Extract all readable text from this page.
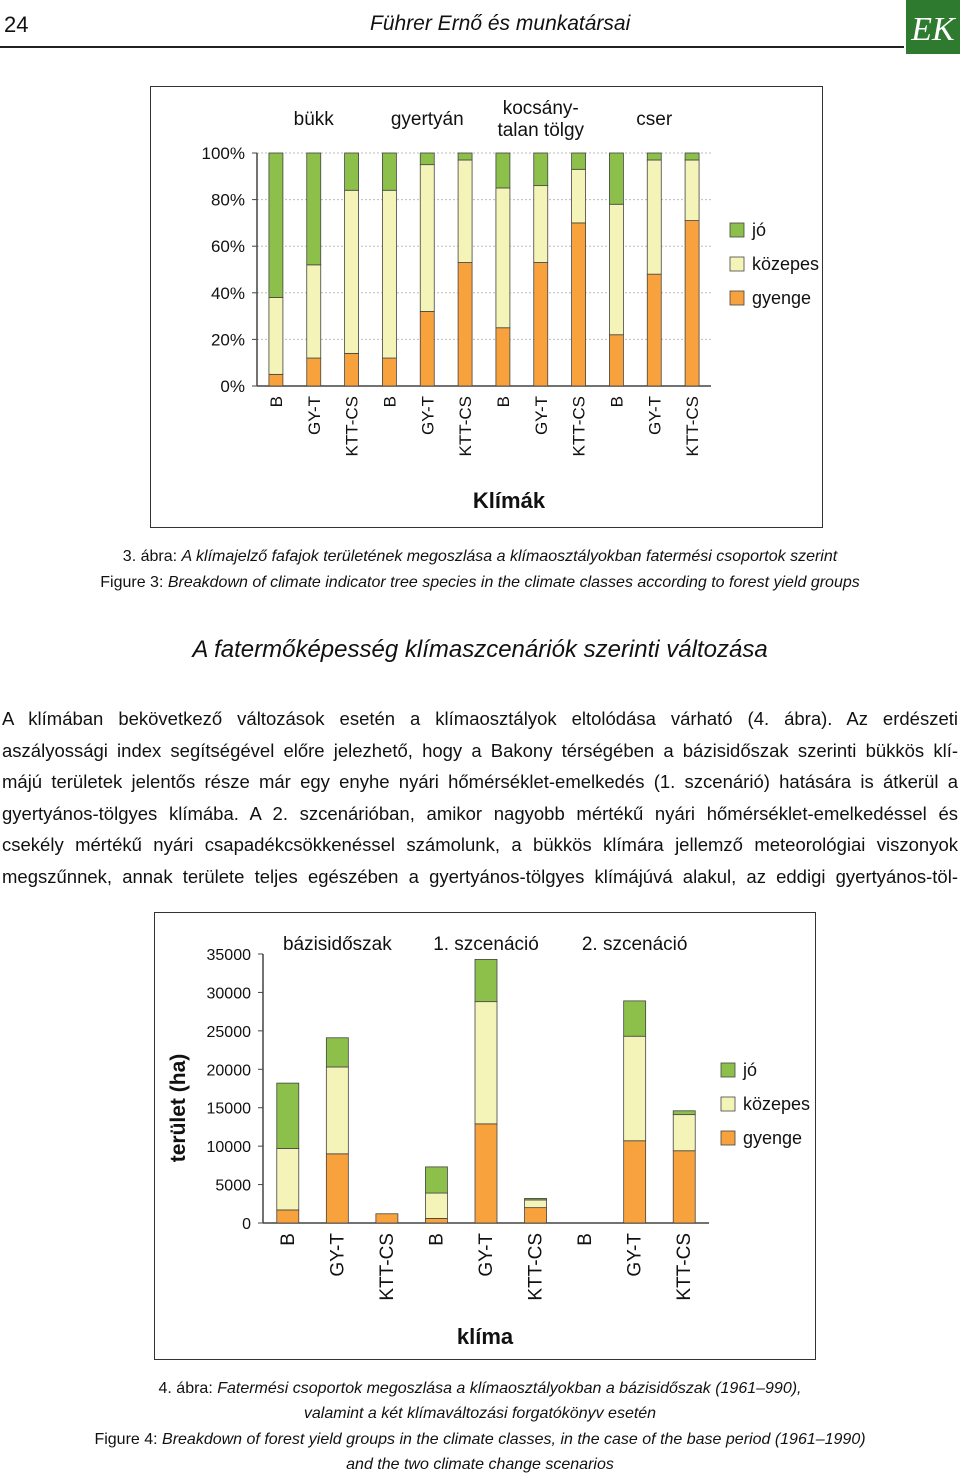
24	Führer Ernő és munkatársai	EK
0%
20%
40%
60%
80%
100%
B GY-T KTT-CS B GY-T KTT-CS B GY-T KTT-CS B GY-T KTT-CS
bükk	gyertyán
kocsány-
talan tölgy
cser
jó
közepes
gyenge
Klímák
3. ábra: A klímajelző fafajok területének megoszlása a klímaosztályokban fatermési csoportok szerint
Figure 3: Breakdown of climate indicator tree species in the climate classes according to forest yield groups
A fatermőképesség klímaszcenáriók szerinti változása
A klímában bekövetkező változások esetén a klímaosztályok eltolódása várható (4. ábra). Az erdészeti
aszályossági index segítségével előre jelezhető, hogy a Bakony térségében a bázisidőszak szerinti bükkös klí-
májú területek jelentős része már egy enyhe nyári hőmérséklet-emelkedés (1. szcenárió) hatására is átkerül a
gyertyános-tölgyes klímába. A 2. szcenárióban, amikor nagyobb mértékű nyári hőmérséklet-emelkedéssel és
csekély mértékű nyári csapadékcsökkenéssel számolunk, a bükkös klímára jellemző meteorológiai viszonyok
megszűnnek, annak területe teljes egészében a gyertyános-tölgyes klímájúvá alakul, az eddigi gyertyános-töl-
0
5000
10000
15000
20000
25000
30000
35000
B GY-T KTT-CS B GY-T KTT-CS B GY-T KTT-CS
bázisidőszak 1. szcenáció 2. szcenáció
jó
közepes
gyenge
klíma
terület (ha)
4. ábra: Fatermési csoportok megoszlása a klímaosztályokban a bázisidőszak (1961–990),
valamint a két klímaváltozási forgatókönyv esetén
Figure 4: Breakdown of forest yield groups in the climate classes, in the case of the base period (1961–1990)
and the two climate change scenarios
